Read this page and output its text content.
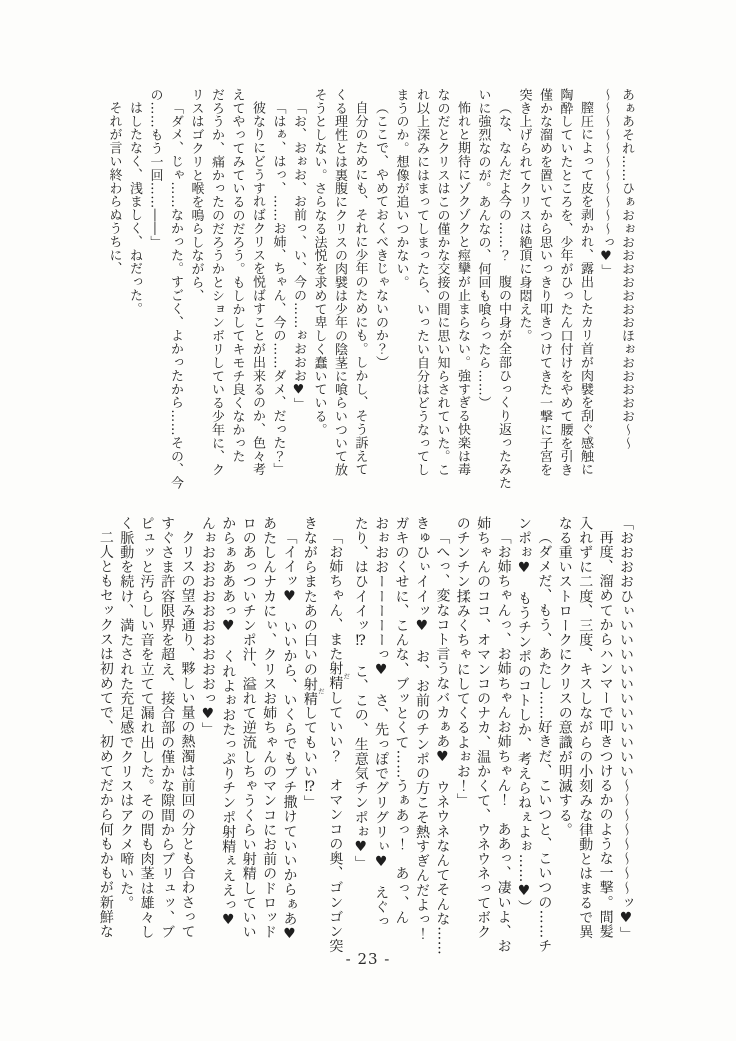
あぁあそれ……ひぁおぉおおおおおおおほぉおおおおお〜〜
〜〜〜〜〜〜〜〜〜〜〜っ♥」
膣圧によって皮を剥かれ、露出したカリ首が肉襞を刮ぐ感触に
陶酔していたところを、少年がひったん口付けをやめて腰を引き
僅かな溜めを置いてから思いっきり叩きつけてきた一撃に子宮を
突き上げられてクリスは絶頂に身悶えた。
（な、なんだよ今の……？　腹の中身が全部ひっくり返ったみた
いに強烈なのが。あんなの、何回も喰らったら……）
怖れと期待にゾクゾクと痙攣が止まらない。強すぎる快楽は毒
なのだとクリスはこの僅かな交接の間に思い知らされていた。こ
れ以上深みにはまってしまったら、いったい自分はどうなってし
まうのか。想像が追いつかない。
（ここで、やめておくべきじゃないのか？）
自分のためにも、それに少年のためにも。しかし、そう訴えて
くる理性とは裏腹にクリスの肉襞は少年の陰茎に喰らいついて放
そうとしない。さらなる法悦を求めて卑しく蠢いている。
「お、おぉお、お前っ、い、今の……ぉおおお♥」
「はぁ、はっ、……お姉、ちゃん、今の……ダメ、だった？」
彼なりにどうすればクリスを悦ばすことが出来るのか、色々考
えてやってみているのだろう。もしかしてキモチ良くなかった
だろうか、痛かったのだろうかとションボリしている少年に、ク
リスはゴクリと喉を鳴らしながら、
「ダメ、じゃ……なかった。すごく、よかったから……その、今
の……もう一回……――」
はしたなく、浅ましく、ねだった。
それが言い終わらぬうちに、
「おおおおひぃいいいいいいいいいいい〜〜〜〜〜〜〜〜ッ♥」
再度、溜めてからハンマーで叩きつけるかのような一撃。間髪
入れずに二度、三度、キスしながらの小刻みな律動とはまるで異
なる重いストロークにクリスの意識が明滅する。
（ダメだ、もう、あたし……好きだ、こいつと、こいつの……チ
ンポぉ♥　もうチンポのコトしか、考えらねぇよぉ……♥）
「お姉ちゃんっ、お姉ちゃんお姉ちゃん！　ああっ、凄いよ、お
姉ちゃんのココ、オマンコのナカ、温かくて、ウネウネってボク
のチンチン揉みくちゃにしてくるよぉお！」
「へっ、変なコト言うなバカぁあ♥　ウネウネなんてそんな……
きゅひぃイイッ♥　お、お前のチンポの方こそ熱すぎんだよっ！
ガキのくせに、こんな、ブッとくて……うぁあっ！　あっ、ん
おぉおおーーーーーっ♥　さ、先っぽでグリグリぃ♥　えぐっ
たり、はひイイッ⁉　こ、この、生意気チンポぉ♥」
「お姉ちゃん、また射精 だしていい？　オマンコの奥、ゴンゴン突
きながらまたあの白いの射精 だしてもいい⁉」
「イイッ♥　いいから、いくらでもブチ撒けていいからぁあ♥
あたしんナカにぃ、クリスお姉ちゃんのマンコにお前のドロッド
ロのあっついチンポ汁、溢れて逆流しちゃうくらい射精していい
からぁあああっ♥　くれよぉおたっぷりチンポ射精ぇええっ♥
んぉおおおおおおおおおおっ♥」
クリスの望み通り、夥しい量の熱濁は前回の分とも合わさって
すぐさま許容限界を超え、接合部の僅かな隙間からブリュッ、ブ
ピュッと汚らしい音を立てて漏れ出した。その間も肉茎は雄々し
く脈動を続け、満たされた充足感でクリスはアクメ啼いた。
二人ともセックスは初めてで、初めてだから何もかもが新鮮な
- 23 -
